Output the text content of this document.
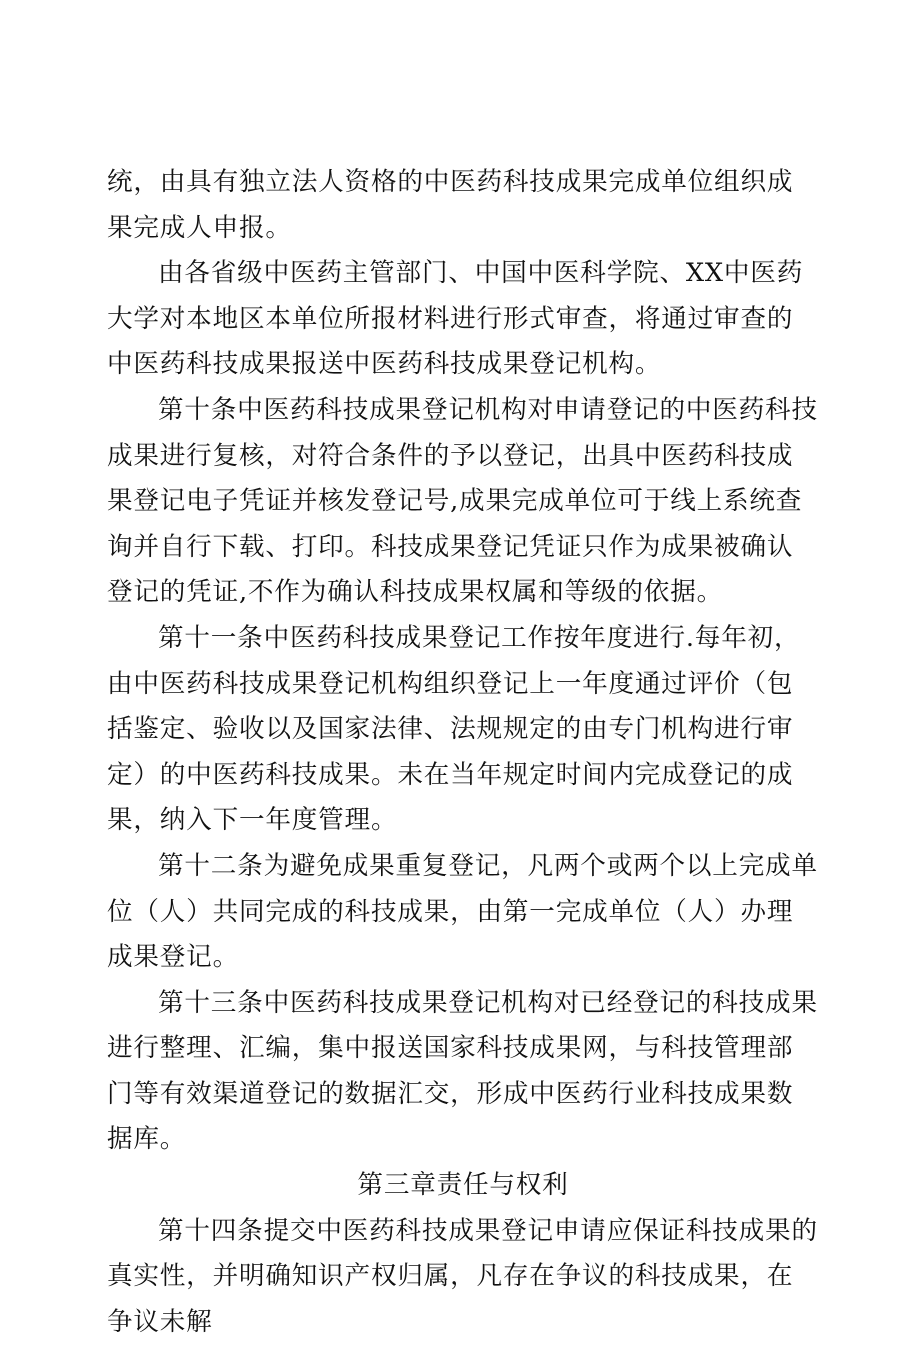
统，由具有独立法人资格的中医药科技成果完成单位组织成果完成人申报。

由各省级中医药主管部门、中国中医科学院、XX中医药大学对本地区本单位所报材料进行形式审查，将通过审查的中医药科技成果报送中医药科技成果登记机构。

第十条中医药科技成果登记机构对申请登记的中医药科技成果进行复核，对符合条件的予以登记，出具中医药科技成果登记电子凭证并核发登记号,成果完成单位可于线上系统查询并自行下载、打印。科技成果登记凭证只作为成果被确认登记的凭证,不作为确认科技成果权属和等级的依据。

第十一条中医药科技成果登记工作按年度进行.每年初，由中医药科技成果登记机构组织登记上一年度通过评价（包括鉴定、验收以及国家法律、法规规定的由专门机构进行审定）的中医药科技成果。未在当年规定时间内完成登记的成果，纳入下一年度管理。

第十二条为避免成果重复登记，凡两个或两个以上完成单位（人）共同完成的科技成果，由第一完成单位（人）办理成果登记。

第十三条中医药科技成果登记机构对已经登记的科技成果进行整理、汇编，集中报送国家科技成果网，与科技管理部门等有效渠道登记的数据汇交，形成中医药行业科技成果数据库。

第三章责任与权利

第十四条提交中医药科技成果登记申请应保证科技成果的真实性，并明确知识产权归属，凡存在争议的科技成果，在争议未解
